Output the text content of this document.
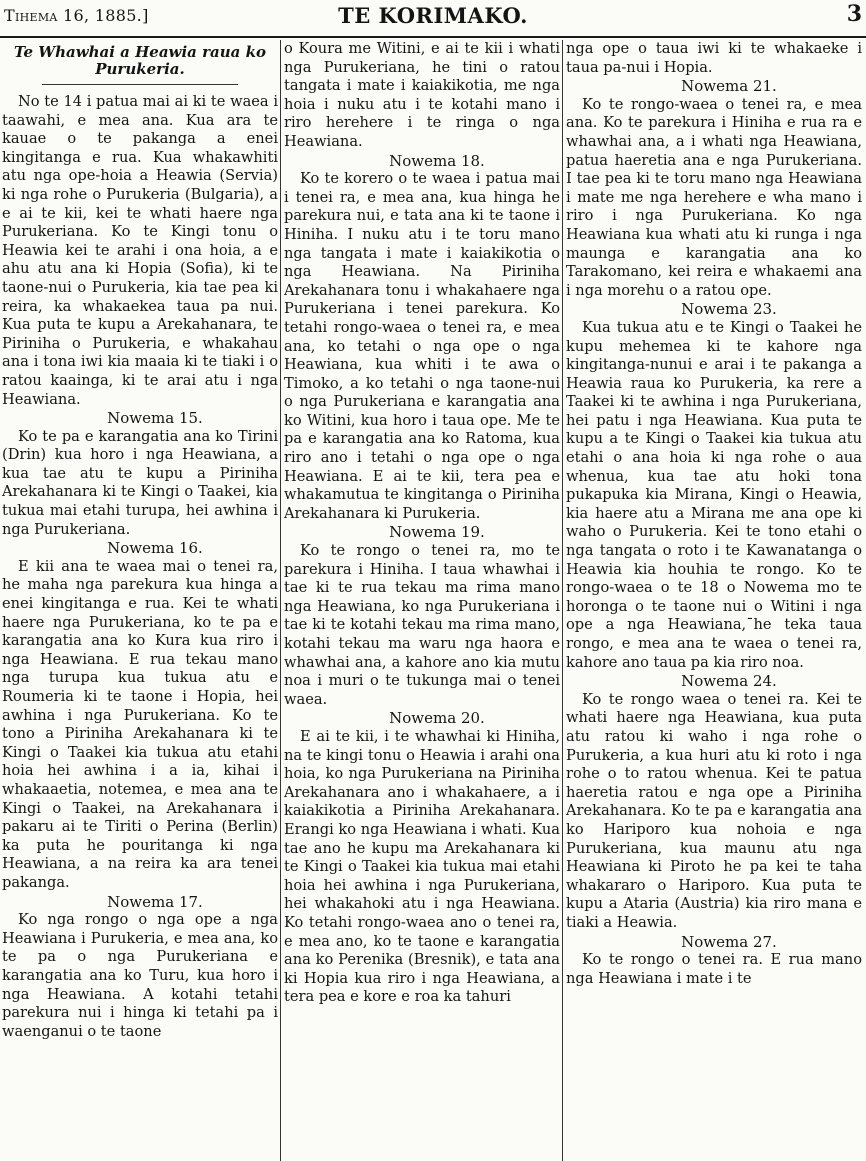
Tihema 16, 1885.]	TE KORIMAKO.	3
Te Whawhai a Heawia raua ko Purukeria.

No te 14 i patua mai ai ki te waea i taawahi, e mea ana. Kua ara te kauae o te pakanga a enei kingitanga e rua. Kua whakawhiti atu nga ope-hoia a Heawia (Servia) ki nga rohe o Purukeria (Bulgaria), a e ai te kii, kei te whati haere nga Purukeriana. Ko te Kingi tonu o Heawia kei te arahi i ona hoia, a e ahu atu ana ki Hopia (Sofia), ki te taone-nui o Purukeria, kia tae pea ki reira, ka whakaekea taua pa nui. Kua puta te kupu a Arekahanara, te Piriniha o Purukeria, e whakahau ana i tona iwi kia maaia ki te tiaki i o ratou kaainga, ki te arai atu i nga Heawiana.

Nowema 15.

Ko te pa e karangatia ana ko Tirini (Drin) kua horo i nga Heawiana, a kua tae atu te kupu a Piriniha Arekahanara ki te Kingi o Taakei, kia tukua mai etahi turupa, hei awhina i nga Purukeriana.

Nowema 16.

E kii ana te waea mai o tenei ra, he maha nga parekura kua hinga a enei kingitanga e rua. Kei te whati haere nga Purukeriana, ko te pa e karangatia ana ko Kura kua riro i nga Heawiana. E rua tekau mano nga turupa kua tukua atu e Roumeria ki te taone i Hopia, hei awhina i nga Purukeriana. Ko te tono a Piriniha Arekahanara ki te Kingi o Taakei kia tukua atu etahi hoia hei awhina i a ia, kihai i whakaaetia, notemea, e mea ana te Kingi o Taakei, na Arekahanara i pakaru ai te Tiriti o Perina (Berlin) ka puta he pouritanga ki nga Heawiana, a na reira ka ara tenei pakanga.

Nowema 17.

Ko nga rongo o nga ope a nga Heawiana i Purukeria, e mea ana, ko te pa o nga Purukeriana e karangatia ana ko Turu, kua horo i nga Heawiana. A kotahi tetahi parekura nui i hinga ki tetahi pa i waenganui o te taone

o Koura me Witini, e ai te kii i whati nga Purukeriana, he tini o ratou tangata i mate i kaiakikotia, me nga hoia i nuku atu i te kotahi mano i riro herehere i te ringa o nga Heawiana.

Nowema 18.

Ko te korero o te waea i patua mai i tenei ra, e mea ana, kua hinga he parekura nui, e tata ana ki te taone i Hiniha. I nuku atu i te toru mano nga tangata i mate i kaiakikotia o nga Heawiana. Na Piriniha Arekahanara tonu i whakahaere nga Purukeriana i tenei parekura. Ko tetahi rongo-waea o tenei ra, e mea ana, ko tetahi o nga ope o nga Heawiana, kua whiti i te awa o Timoko, a ko tetahi o nga taone-nui o nga Purukeriana e karangatia ana ko Witini, kua horo i taua ope. Me te pa e karangatia ana ko Ratoma, kua riro ano i tetahi o nga ope o nga Heawiana. E ai te kii, tera pea e whakamutua te kingitanga o Piriniha Arekahanara ki Purukeria.

Nowema 19.

Ko te rongo o tenei ra, mo te parekura i Hiniha. I taua whawhai i tae ki te rua tekau ma rima mano nga Heawiana, ko nga Purukeriana i tae ki te kotahi tekau ma rima mano, kotahi tekau ma waru nga haora e whawhai ana, a kahore ano kia mutu noa i muri o te tukunga mai o tenei waea.

Nowema 20.

E ai te kii, i te whawhai ki Hiniha, na te kingi tonu o Heawia i arahi ona hoia, ko nga Purukeriana na Piriniha Arekahanara ano i whakahaere, a i kaiakikotia a Piriniha Arekahanara. Erangi ko nga Heawiana i whati. Kua tae ano he kupu ma Arekahanara ki te Kingi o Taakei kia tukua mai etahi hoia hei awhina i nga Purukeriana, hei whakahoki atu i nga Heawiana. Ko tetahi rongo-waea ano o tenei ra, e mea ano, ko te taone e karangatia ana ko Perenika (Bresnik), e tata ana ki Hopia kua riro i nga Heawiana, a tera pea e kore e roa ka tahuri

nga ope o taua iwi ki te whakaeke i taua pa-nui i Hopia.

Nowema 21.

Ko te rongo-waea o tenei ra, e mea ana. Ko te parekura i Hiniha e rua ra e whawhai ana, a i whati nga Heawiana, patua haeretia ana e nga Purukeriana. I tae pea ki te toru mano nga Heawiana i mate me nga herehere e wha mano i riro i nga Purukeriana. Ko nga Heawiana kua whati atu ki runga i nga maunga e karangatia ana ko Tarakomano, kei reira e whakaemi ana i nga morehu o a ratou ope.

Nowema 23.

Kua tukua atu e te Kingi o Taakei he kupu mehemea ki te kahore nga kingitanga-nunui e arai i te pakanga a Heawia raua ko Purukeria, ka rere a Taakei ki te awhina i nga Purukeriana, hei patu i nga Heawiana. Kua puta te kupu a te Kingi o Taakei kia tukua atu etahi o ana hoia ki nga rohe o aua whenua, kua tae atu hoki tona pukapuka kia Mirana, Kingi o Heawia, kia haere atu a Mirana me ana ope ki waho o Purukeria. Kei te tono etahi o nga tangata o roto i te Kawanatanga o Heawia kia houhia te rongo. Ko te rongo-waea o te 18 o Nowema mo te horonga o te taone nui o Witini i nga ope a nga Heawiana,¯he teka taua rongo, e mea ana te waea o tenei ra, kahore ano taua pa kia riro noa.

Nowema 24.

Ko te rongo waea o tenei ra. Kei te whati haere nga Heawiana, kua puta atu ratou ki waho i nga rohe o Purukeria, a kua huri atu ki roto i nga rohe o to ratou whenua. Kei te patua haeretia ratou e nga ope a Piriniha Arekahanara. Ko te pa e karangatia ana ko Hariporo kua nohoia e nga Purukeriana, kua maunu atu nga Heawiana ki Piroto he pa kei te taha whakararo o Hariporo. Kua puta te kupu a Ataria (Austria) kia riro mana e tiaki a Heawia.

Nowema 27.

Ko te rongo o tenei ra. E rua mano nga Heawiana i mate i te
